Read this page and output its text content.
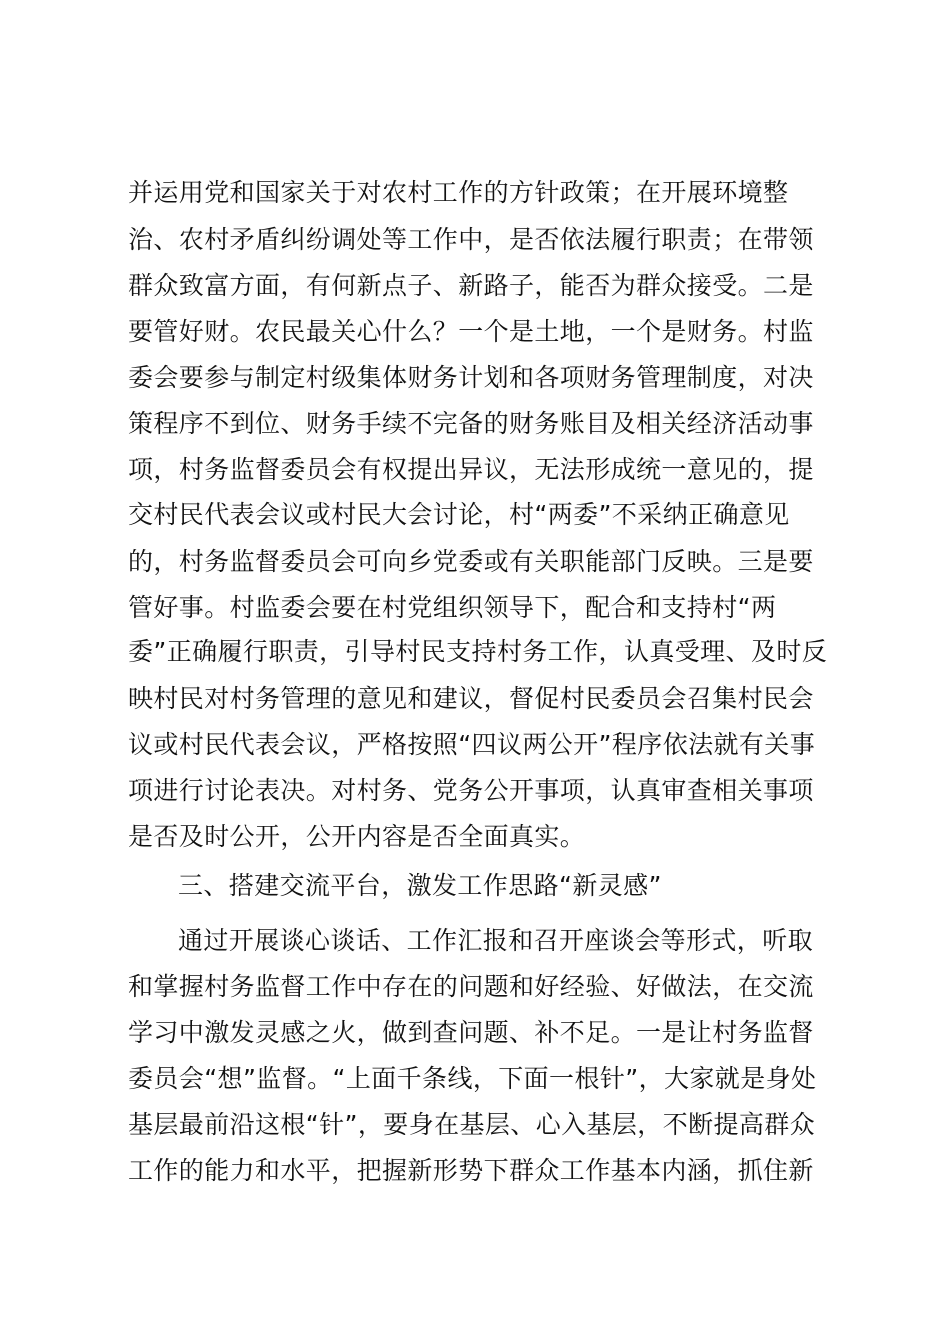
并运用党和国家关于对农村工作的方针政策；在开展环境整
治、农村矛盾纠纷调处等工作中，是否依法履行职责；在带领
群众致富方面，有何新点子、新路子，能否为群众接受。二是
要管好财。农民最关心什么？一个是土地，一个是财务。村监
委会要参与制定村级集体财务计划和各项财务管理制度，对决
策程序不到位、财务手续不完备的财务账目及相关经济活动事
项，村务监督委员会有权提出异议，无法形成统一意见的，提
交村民代表会议或村民大会讨论，村“两委”不采纳正确意见
的，村务监督委员会可向乡党委或有关职能部门反映。三是要
管好事。村监委会要在村党组织领导下，配合和支持村“两
委”正确履行职责，引导村民支持村务工作，认真受理、及时反
映村民对村务管理的意见和建议，督促村民委员会召集村民会
议或村民代表会议，严格按照“四议两公开”程序依法就有关事
项进行讨论表决。对村务、党务公开事项，认真审查相关事项
是否及时公开，公开内容是否全面真实。
三、搭建交流平台，激发工作思路“新灵感”
通过开展谈心谈话、工作汇报和召开座谈会等形式，听取
和掌握村务监督工作中存在的问题和好经验、好做法，在交流
学习中激发灵感之火，做到查问题、补不足。一是让村务监督
委员会“想”监督。“上面千条线，下面一根针”，大家就是身处
基层最前沿这根“针”，要身在基层、心入基层，不断提高群众
工作的能力和水平，把握新形势下群众工作基本内涵，抓住新
